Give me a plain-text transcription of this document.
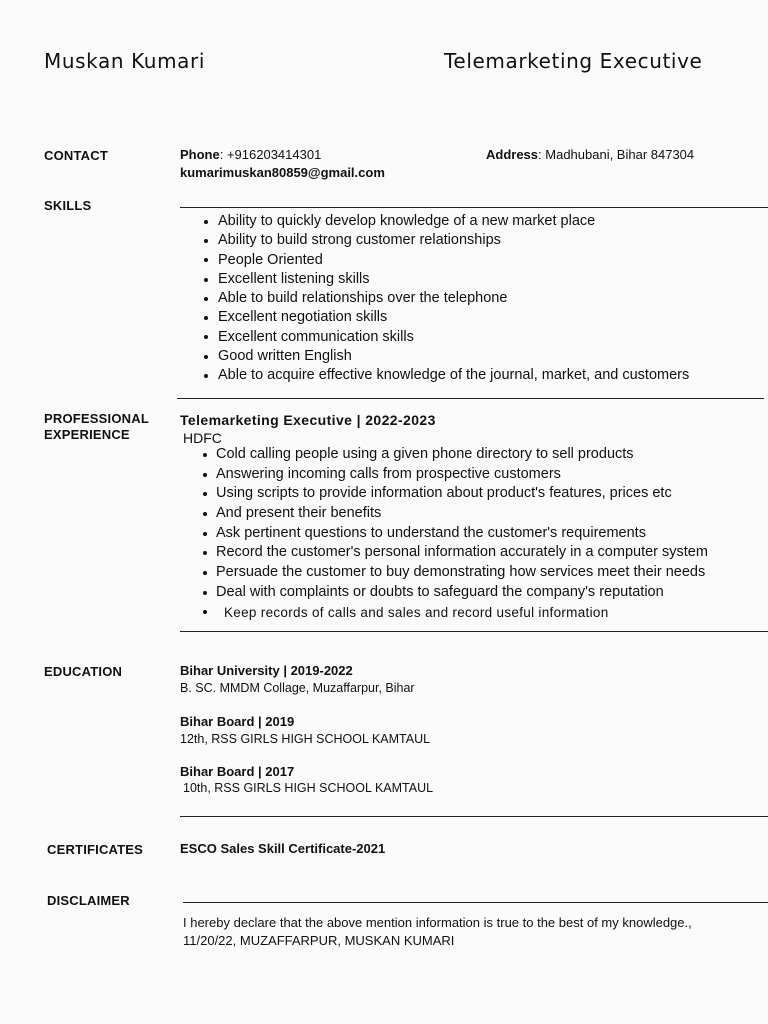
Muskan Kumari	Telemarketing Executive
CONTACT	Phone: +916203414301	Address: Madhubani, Bihar 847304
kumarimuskan80859@gmail.com
SKILLS
Ability to quickly develop knowledge of a new market place
Ability to build strong customer relationships
People Oriented
Excellent listening skills
Able to build relationships over the telephone
Excellent negotiation skills
Excellent communication skills
Good written English
Able to acquire effective knowledge of the journal, market, and customers
PROFESSIONAL
EXPERIENCE
Telemarketing Executive | 2022-2023
HDFC
Cold calling people using a given phone directory to sell products
Answering incoming calls from prospective customers
Using scripts to provide information about product's features, prices etc
And present their benefits
Ask pertinent questions to understand the customer's requirements
Record the customer's personal information accurately in a computer system
Persuade the customer to buy demonstrating how services meet their needs
Deal with complaints or doubts to safeguard the company's reputation
Keep records of calls and sales and record useful information
EDUCATION	Bihar University | 2019-2022
B. SC. MMDM Collage, Muzaffarpur, Bihar
Bihar Board | 2019
12th, RSS GIRLS HIGH SCHOOL KAMTAUL
Bihar Board | 2017
10th, RSS GIRLS HIGH SCHOOL KAMTAUL
CERTIFICATES	ESCO Sales Skill Certificate-2021
DISCLAIMER
I hereby declare that the above mention information is true to the best of my knowledge.,
11/20/22, MUZAFFARPUR, MUSKAN KUMARI
